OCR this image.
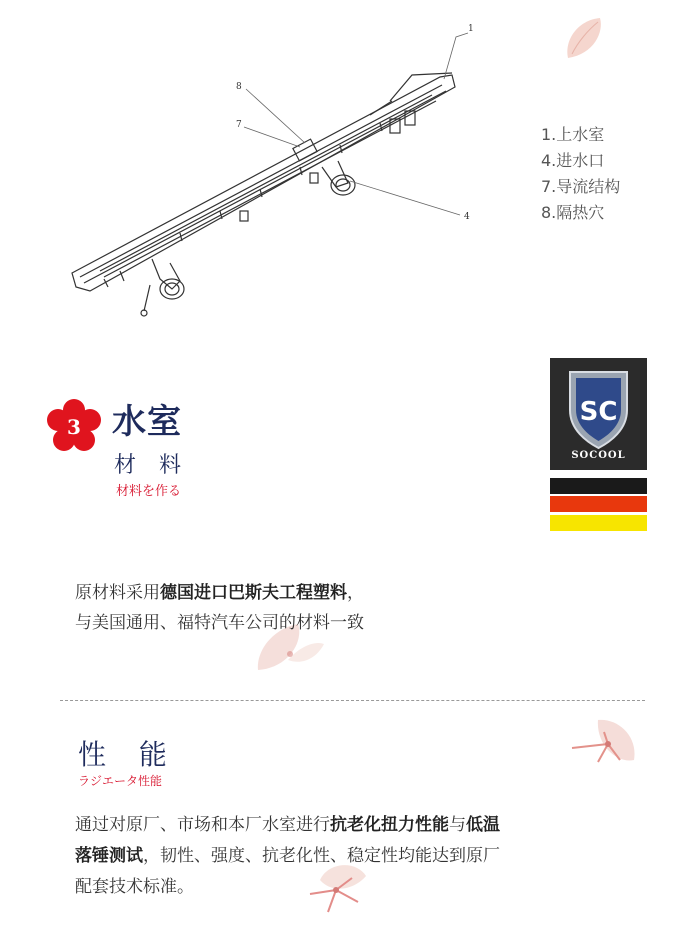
1
8
7
4
1.上水室
4.进水口
7.导流结构
8.隔热穴
3 水室
材 料
材料を作る
SC
SOCOOL
原材料采用德国进口巴斯夫工程塑料，
与美国通用、福特汽车公司的材料一致
性 能
ラジエータ性能
通过对原厂、市场和本厂水室进行抗老化扭力性能与低温
落锤测试，韧性、强度、抗老化性、稳定性均能达到原厂
配套技术标准。
